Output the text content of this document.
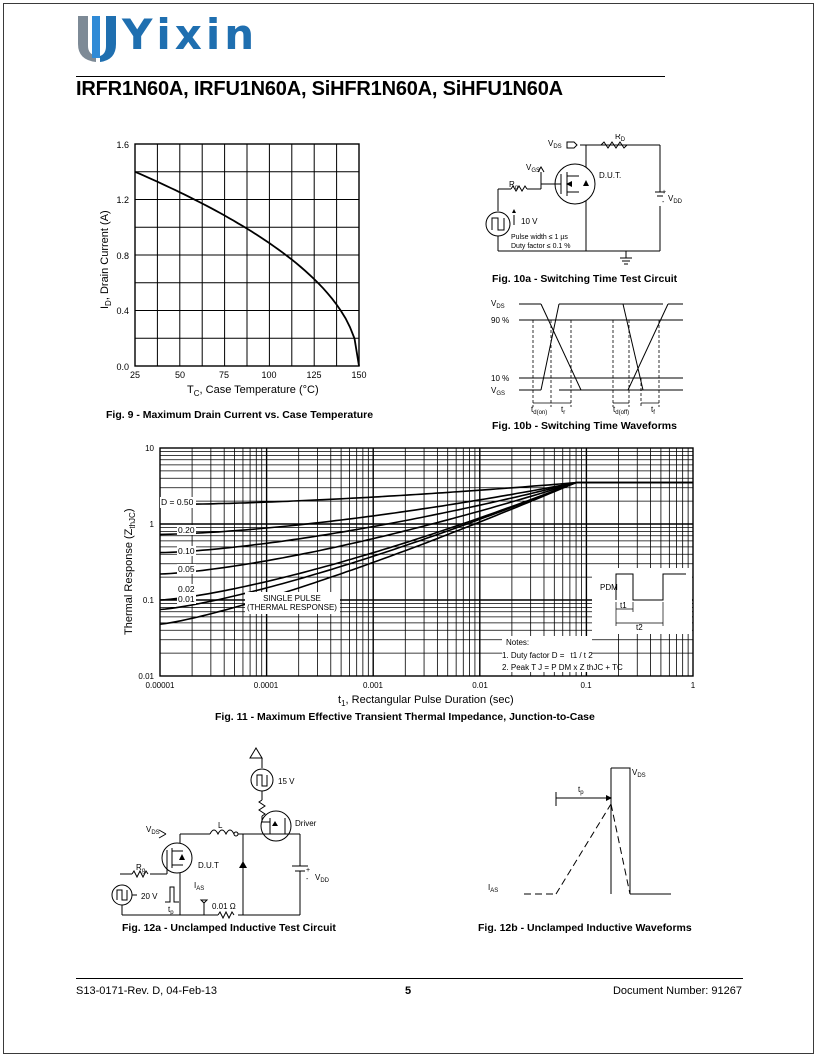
Yixin
IRFR1N60A, IRFU1N60A, SiHFR1N60A, SiHFU1N60A
1.6
1.2
0.8
0.4
0.0
25	50	75	100	125	150
$T_C$, Case Temperature (°C)
$I_D$, Drain Current (A)
Fig. 9 - Maximum Drain Current vs. Case Temperature
$V_{DS}$
$R_D$
$V_{GS}$
$R_g$
D.U.T.
+
- $V_{DD}$
10 V
Pulse width ≤ 1 µs
Duty factor ≤ 0.1 %
Fig. 10a - Switching Time Test Circuit
$V_{DS}$
90 %
10 %
$V_{GS}$
$t_{d(on)}$ $t_r$	$t_{d(off)}$	$t_f$
Fig. 10b - Switching Time Waveforms
10
1
0.1
0.01
0.00001	0.0001	0.001	0.01	0.1	1
D = 0.50
0.20
0.10
0.05
0.02
0.01	SINGLE PULSE
(THERMAL RESPONSE)
Notes:
1. Duty factor D = t1 / t 2
2. Peak T J = P DM x Z thJC + TC
PDM
t1
t2
$t_1$, Rectangular Pulse Duration (sec)
Thermal Response $(Z_{thJC})$
Fig. 11 - Maximum Effective Transient Thermal Impedance, Junction-to-Case
15 V
Driver
$V_{DS}$
L
D.U.T
$R_g$	+
- $V_{DD}$
$I_{AS}$
20 V
$t_p$
0.01 Ω
Fig. 12a - Unclamped Inductive Test Circuit
$V_{DS}$
$t_p$
$I_{AS}$
Fig. 12b - Unclamped Inductive Waveforms
S13-0171-Rev. D, 04-Feb-13	5	Document Number: 91267
